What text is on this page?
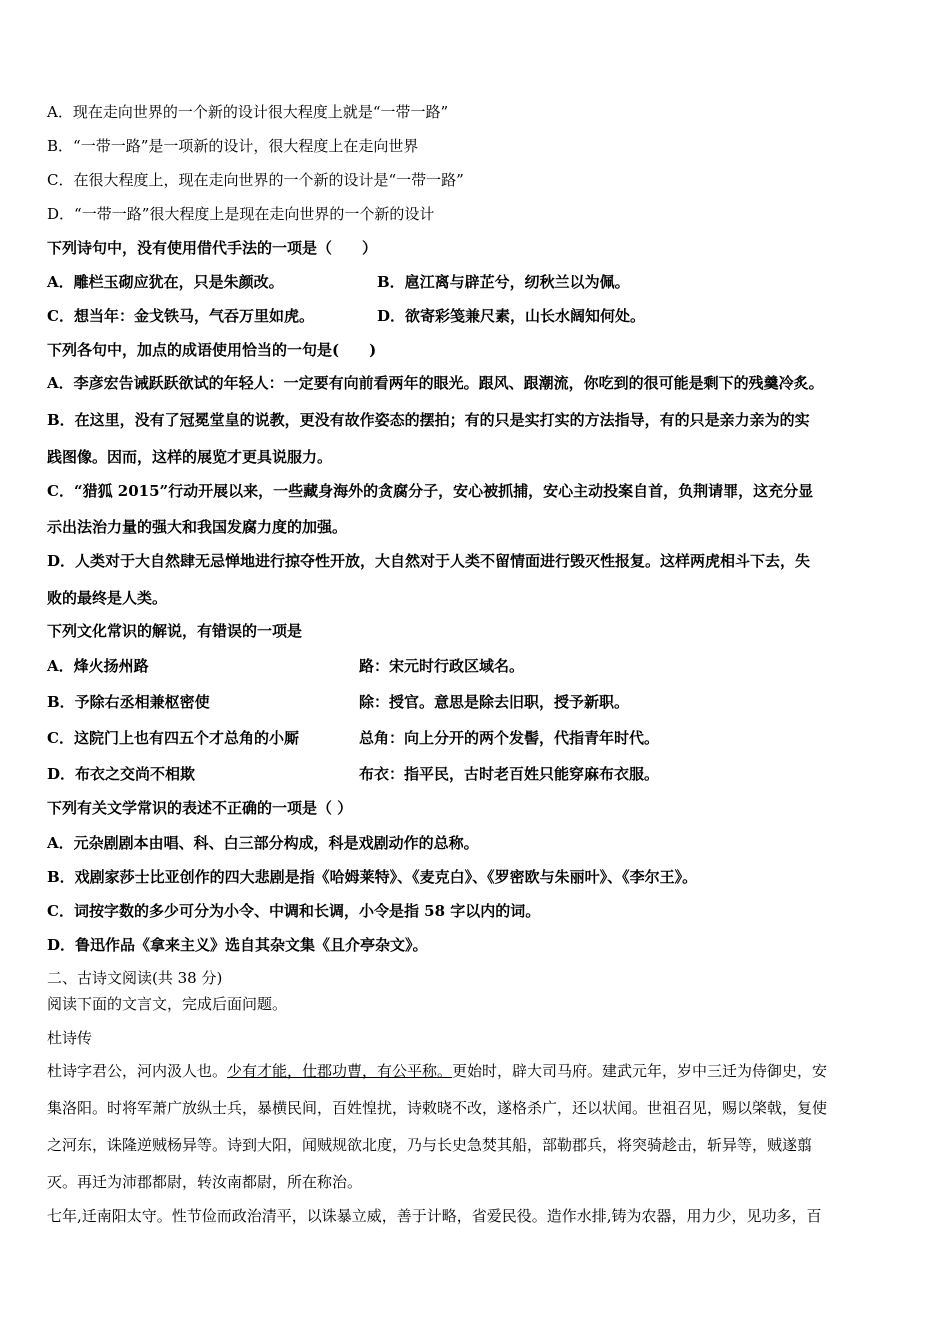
A．现在走向世界的一个新的设计很大程度上就是“一带一路”
B．“一带一路”是一项新的设计，很大程度上在走向世界
C．在很大程度上，现在走向世界的一个新的设计是“一带一路”
D．“一带一路”很大程度上是现在走向世界的一个新的设计
下列诗句中，没有使用借代手法的一项是（　　）
A．雕栏玉砌应犹在，只是朱颜改。	B．扈江离与辟芷兮，纫秋兰以为佩。
C．想当年：金戈铁马，气吞万里如虎。	D．欲寄彩笺兼尺素，山长水阔知何处。
下列各句中，加点的成语使用恰当的一句是(　　)
A．李彦宏告诫跃跃欲试的年轻人：一定要有向前看两年的眼光。跟风、跟潮流，你吃到的很可能是剩下的残羹冷炙。
B．在这里，没有了冠冕堂皇的说教，更没有故作姿态的摆拍；有的只是实打实的方法指导，有的只是亲力亲为的实
践图像。因而，这样的展览才更具说服力。
C．“猎狐 2015”行动开展以来，一些藏身海外的贪腐分子，安心被抓捕，安心主动投案自首，负荆请罪，这充分显
示出法治力量的强大和我国发腐力度的加强。
D．人类对于大自然肆无忌惮地进行掠夺性开放，大自然对于人类不留情面进行毁灭性报复。这样两虎相斗下去，失
败的最终是人类。
下列文化常识的解说，有错误的一项是
A．烽火扬州路	路：宋元时行政区域名。
B．予除右丞相兼枢密使	除：授官。意思是除去旧职，授予新职。
C．这院门上也有四五个才总角的小厮	总角：向上分开的两个发髻，代指青年时代。
D．布衣之交尚不相欺	布衣：指平民，古时老百姓只能穿麻布衣服。
下列有关文学常识的表述不正确的一项是（ ）
A．元杂剧剧本由唱、科、白三部分构成，科是戏剧动作的总称。
B．戏剧家莎士比亚创作的四大悲剧是指《哈姆莱特》、《麦克白》、《罗密欧与朱丽叶》、《李尔王》。
C．词按字数的多少可分为小令、中调和长调，小令是指 58 字以内的词。
D．鲁迅作品《拿来主义》选自其杂文集《且介亭杂文》。
二、古诗文阅读(共 38 分)
阅读下面的文言文，完成后面问题。
杜诗传
杜诗字君公，河内汲人也。少有才能，仕郡功曹，有公平称。更始时，辟大司马府。建武元年，岁中三迁为侍御史，安
集洛阳。时将军萧广放纵士兵，暴横民间，百姓惶扰，诗敕晓不改，遂格杀广，还以状闻。世祖召见，赐以棨戟，复使
之河东，诛隆逆贼杨异等。诗到大阳，闻贼规欲北度，乃与长史急焚其船，部勒郡兵，将突骑趁击，斩异等，贼遂翦
灭。再迁为沛郡都尉，转汝南都尉，所在称治。
七年,迁南阳太守。性节俭而政治清平，以诛暴立威，善于计略，省爱民役。造作水排,铸为农器，用力少，见功多，百
